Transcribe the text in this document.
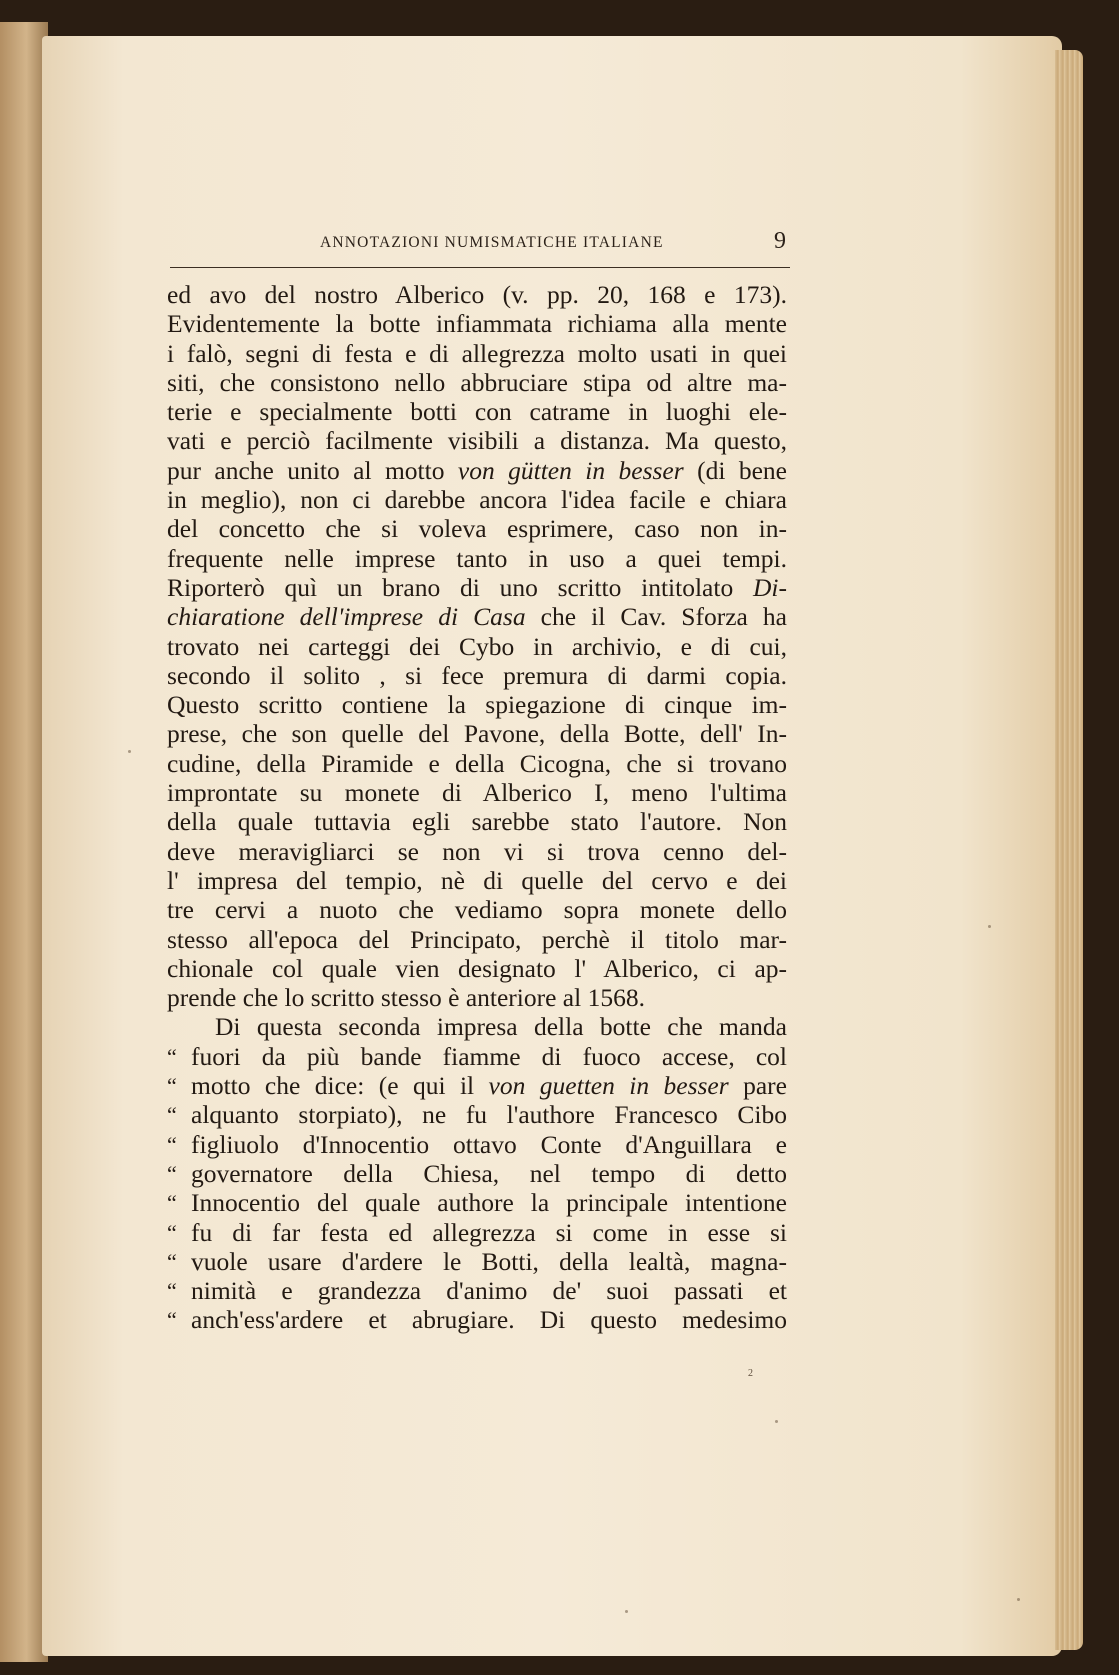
ANNOTAZIONI NUMISMATICHE ITALIANE	9
ed avo del nostro Alberico (v. pp. 20, 168 e 173).
Evidentemente la botte infiammata richiama alla mente
i falò, segni di festa e di allegrezza molto usati in quei
siti, che consistono nello abbruciare stipa od altre ma-
terie e specialmente botti con catrame in luoghi ele-
vati e perciò facilmente visibili a distanza. Ma questo,
pur anche unito al motto von gütten in besser (di bene
in meglio), non ci darebbe ancora l'idea facile e chiara
del concetto che si voleva esprimere, caso non in-
frequente nelle imprese tanto in uso a quei tempi.
Riporterò quì un brano di uno scritto intitolato Di-
chiaratione dell'imprese di Casa che il Cav. Sforza ha
trovato nei carteggi dei Cybo in archivio, e di cui,
secondo il solito , si fece premura di darmi copia.
Questo scritto contiene la spiegazione di cinque im-
prese, che son quelle del Pavone, della Botte, dell' In-
cudine, della Piramide e della Cicogna, che si trovano
improntate su monete di Alberico I, meno l'ultima
della quale tuttavia egli sarebbe stato l'autore. Non
deve meravigliarci se non vi si trova cenno del-
l' impresa del tempio, nè di quelle del cervo e dei
tre cervi a nuoto che vediamo sopra monete dello
stesso all'epoca del Principato, perchè il titolo mar-
chionale col quale vien designato l' Alberico, ci ap-
prende che lo scritto stesso è anteriore al 1568.
Di questa seconda impresa della botte che manda
“ fuori da più bande fiamme di fuoco accese, col
“ motto che dice: (e qui il von guetten in besser pare
“ alquanto storpiato), ne fu l'authore Francesco Cibo
“ figliuolo d'Innocentio ottavo Conte d'Anguillara e
“ governatore della Chiesa, nel tempo di detto
“ Innocentio del quale authore la principale intentione
“ fu di far festa ed allegrezza si come in esse si
“ vuole usare d'ardere le Botti, della lealtà, magna-
“ nimità e grandezza d'animo de' suoi passati et
“ anch'ess'ardere et abrugiare. Di questo medesimo
2
